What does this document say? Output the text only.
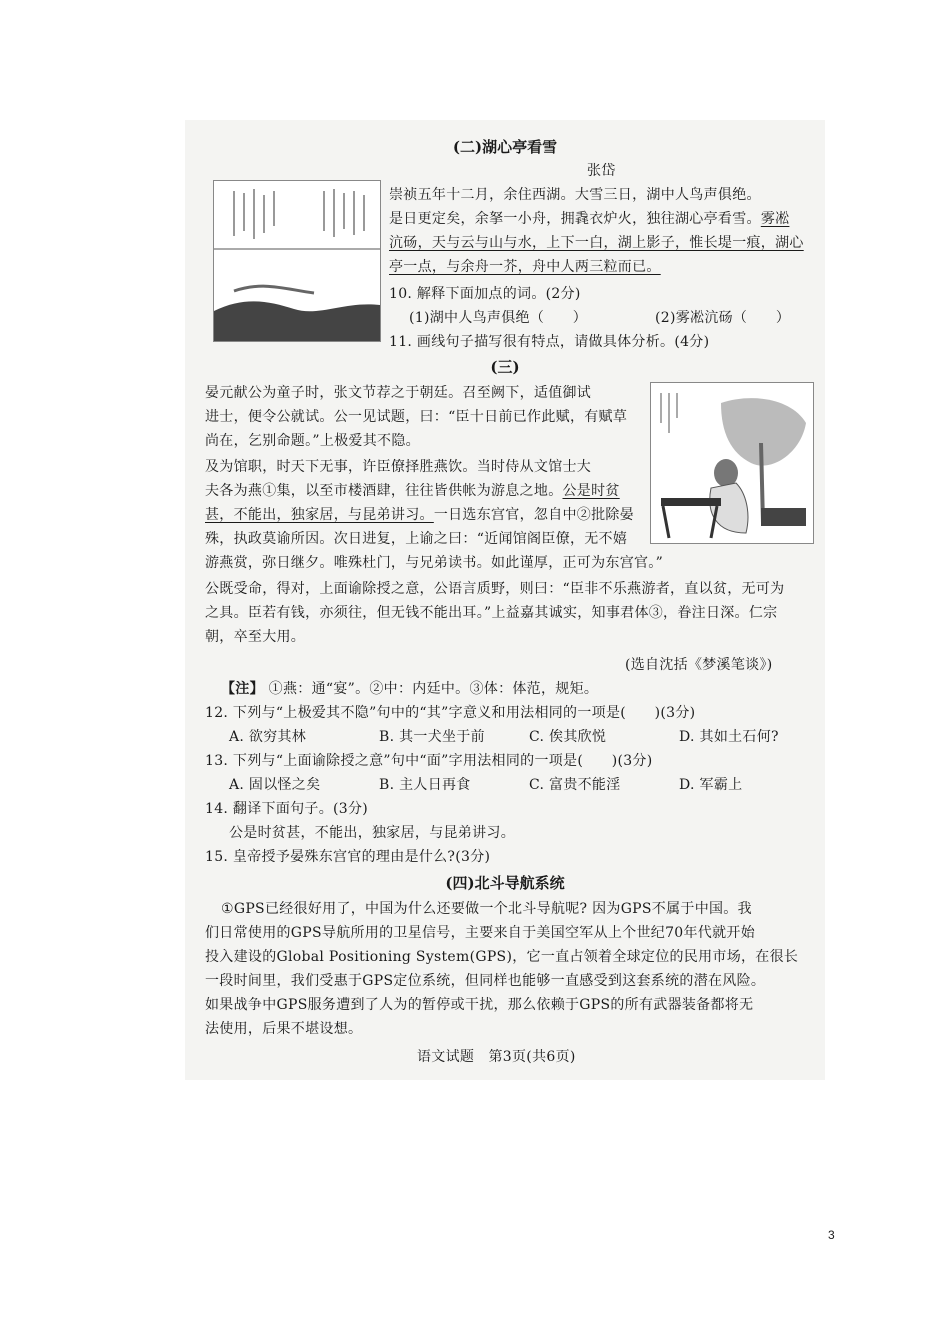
(二)湖心亭看雪
张岱
崇祯五年十二月，余住西湖。大雪三日，湖中人鸟声俱绝。
是日更定矣，余拏一小舟，拥毳衣炉火，独往湖心亭看雪。雾凇
沆砀，天与云与山与水，上下一白，湖上影子，惟长堤一痕，湖心
亭一点，与余舟一芥，舟中人两三粒而已。
10. 解释下面加点的词。(2分)
(1)湖中人鸟声俱绝（　　）	(2)雾凇沆砀（　　）
11. 画线句子描写很有特点，请做具体分析。(4分)
(三)
晏元献公为童子时，张文节荐之于朝廷。召至阙下，适值御试
进士，便令公就试。公一见试题，曰：“臣十日前已作此赋，有赋草
尚在，乞别命题。”上极爱其不隐。
及为馆职，时天下无事，许臣僚择胜燕饮。当时侍从文馆士大
夫各为燕①集，以至市楼酒肆，往往皆供帐为游息之地。公是时贫
甚，不能出，独家居，与昆弟讲习。一日选东宫官，忽自中②批除晏
殊，执政莫谕所因。次日进复，上谕之曰：“近闻馆阁臣僚，无不嬉
游燕赏，弥日继夕。唯殊杜门，与兄弟读书。如此谨厚，正可为东宫官。”
公既受命，得对，上面谕除授之意，公语言质野，则曰：“臣非不乐燕游者，直以贫，无可为
之具。臣若有钱，亦须往，但无钱不能出耳。”上益嘉其诚实，知事君体③，眷注日深。仁宗
朝，卒至大用。
(选自沈括《梦溪笔谈》)
【注】 ①燕：通“宴”。②中：内廷中。③体：体范，规矩。
12. 下列与“上极爱其不隐”句中的“其”字意义和用法相同的一项是(　　)(3分)
A. 欲穷其林	B. 其一犬坐于前	C. 俟其欣悦	D. 其如土石何?
13. 下列与“上面谕除授之意”句中“面”字用法相同的一项是(　　)(3分)
A. 固以怪之矣	B. 主人日再食	C. 富贵不能淫	D. 军霸上
14. 翻译下面句子。(3分)
公是时贫甚，不能出，独家居，与昆弟讲习。
15. 皇帝授予晏殊东宫官的理由是什么?(3分)
(四)北斗导航系统
①GPS已经很好用了，中国为什么还要做一个北斗导航呢? 因为GPS不属于中国。我
们日常使用的GPS导航所用的卫星信号，主要来自于美国空军从上个世纪70年代就开始
投入建设的Global Positioning System(GPS)，它一直占领着全球定位的民用市场，在很长
一段时间里，我们受惠于GPS定位系统，但同样也能够一直感受到这套系统的潜在风险。
如果战争中GPS服务遭到了人为的暂停或干扰，那么依赖于GPS的所有武器装备都将无
法使用，后果不堪设想。
语文试题　第3页(共6页)
3
